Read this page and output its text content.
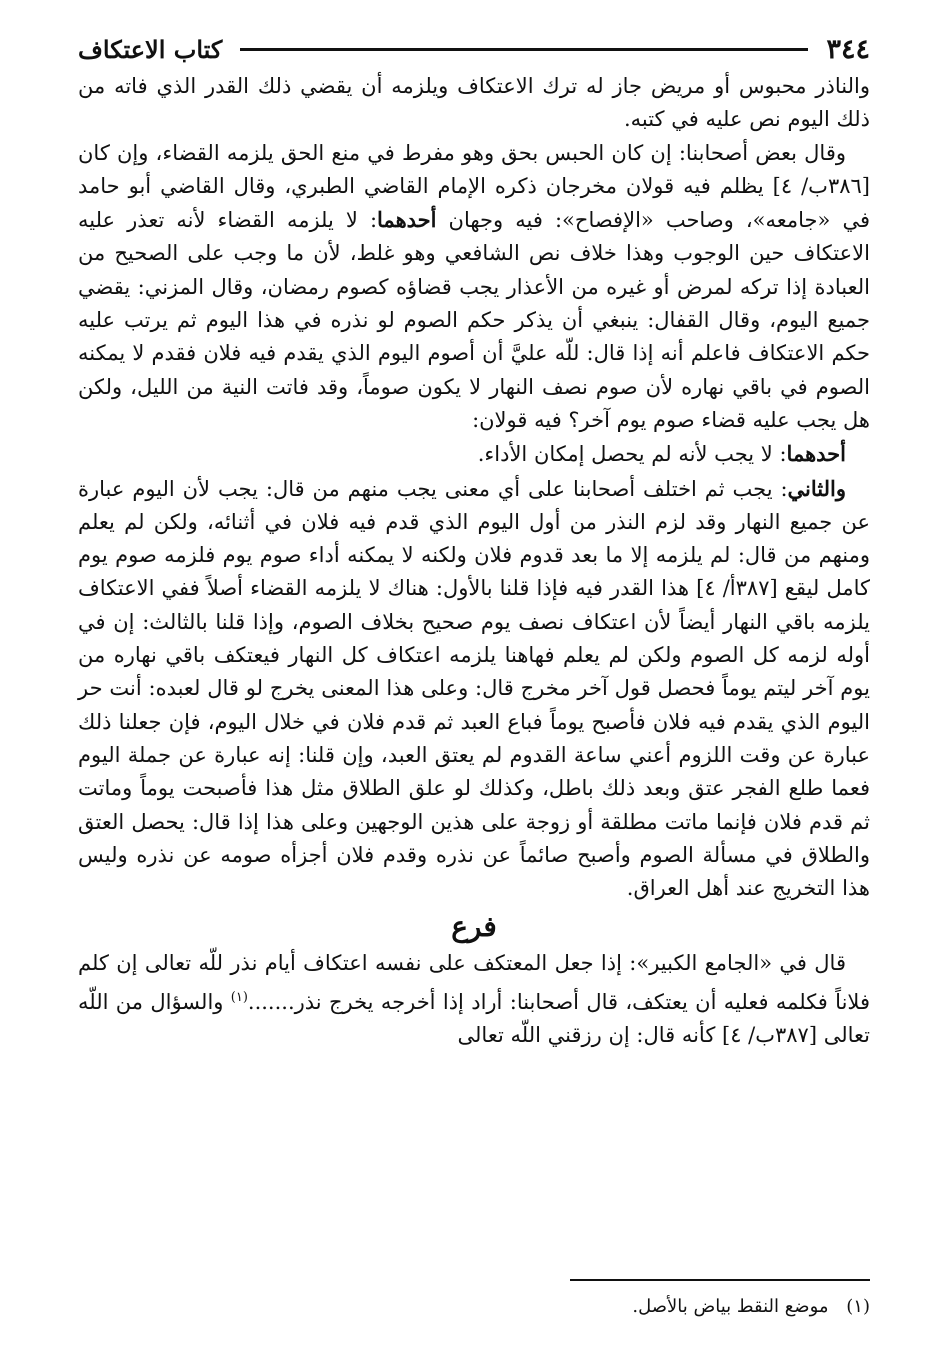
٣٤٤
كتاب الاعتكاف

والناذر محبوس أو مريض جاز له ترك الاعتكاف ويلزمه أن يقضي ذلك القدر الذي فاته من ذلك اليوم نص عليه في كتبه.

وقال بعض أصحابنا: إن كان الحبس بحق وهو مفرط في منع الحق يلزمه القضاء، وإن كان [٣٨٦ب/ ٤] يظلم فيه قولان مخرجان ذكره الإمام القاضي الطبري، وقال القاضي أبو حامد في «جامعه»، وصاحب «الإفصاح»: فيه وجهان أحدهما: لا يلزمه القضاء لأنه تعذر عليه الاعتكاف حين الوجوب وهذا خلاف نص الشافعي وهو غلط، لأن ما وجب على الصحيح من العبادة إذا تركه لمرض أو غيره من الأعذار يجب قضاؤه كصوم رمضان، وقال المزني: يقضي جميع اليوم، وقال القفال: ينبغي أن يذكر حكم الصوم لو نذره في هذا اليوم ثم يرتب عليه حكم الاعتكاف فاعلم أنه إذا قال: للّه عليَّ أن أصوم اليوم الذي يقدم فيه فلان فقدم لا يمكنه الصوم في باقي نهاره لأن صوم نصف النهار لا يكون صوماً، وقد فاتت النية من الليل، ولكن هل يجب عليه قضاء صوم يوم آخر؟ فيه قولان:

أحدهما: لا يجب لأنه لم يحصل إمكان الأداء.

والثاني: يجب ثم اختلف أصحابنا على أي معنى يجب منهم من قال: يجب لأن اليوم عبارة عن جميع النهار وقد لزم النذر من أول اليوم الذي قدم فيه فلان في أثنائه، ولكن لم يعلم ومنهم من قال: لم يلزمه إلا ما بعد قدوم فلان ولكنه لا يمكنه أداء صوم يوم فلزمه صوم يوم كامل ليقع [٣٨٧أ/ ٤] هذا القدر فيه فإذا قلنا بالأول: هناك لا يلزمه القضاء أصلاً ففي الاعتكاف يلزمه باقي النهار أيضاً لأن اعتكاف نصف يوم صحيح بخلاف الصوم، وإذا قلنا بالثالث: إن في أوله لزمه كل الصوم ولكن لم يعلم فهاهنا يلزمه اعتكاف كل النهار فيعتكف باقي نهاره من يوم آخر ليتم يوماً فحصل قول آخر مخرج قال: وعلى هذا المعنى يخرج لو قال لعبده: أنت حر اليوم الذي يقدم فيه فلان فأصبح يوماً فباع العبد ثم قدم فلان في خلال اليوم، فإن جعلنا ذلك عبارة عن وقت اللزوم أعني ساعة القدوم لم يعتق العبد، وإن قلنا: إنه عبارة عن جملة اليوم فعما طلع الفجر عتق وبعد ذلك باطل، وكذلك لو علق الطلاق مثل هذا فأصبحت يوماً وماتت ثم قدم فلان فإنما ماتت مطلقة أو زوجة على هذين الوجهين وعلى هذا إذا قال: يحصل العتق والطلاق في مسألة الصوم وأصبح صائماً عن نذره وقدم فلان أجزأه صومه عن نذره وليس هذا التخريج عند أهل العراق.

فرع

قال في «الجامع الكبير»: إذا جعل المعتكف على نفسه اعتكاف أيام نذر للّه تعالى إن كلم فلاناً فكلمه فعليه أن يعتكف، قال أصحابنا: أراد إذا أخرجه يخرج نذر.......$^{(١)}$ والسؤال من اللّه تعالى [٣٨٧ب/ ٤] كأنه قال: إن رزقني اللّه تعالى

(١) موضع النقط بياض بالأصل.
